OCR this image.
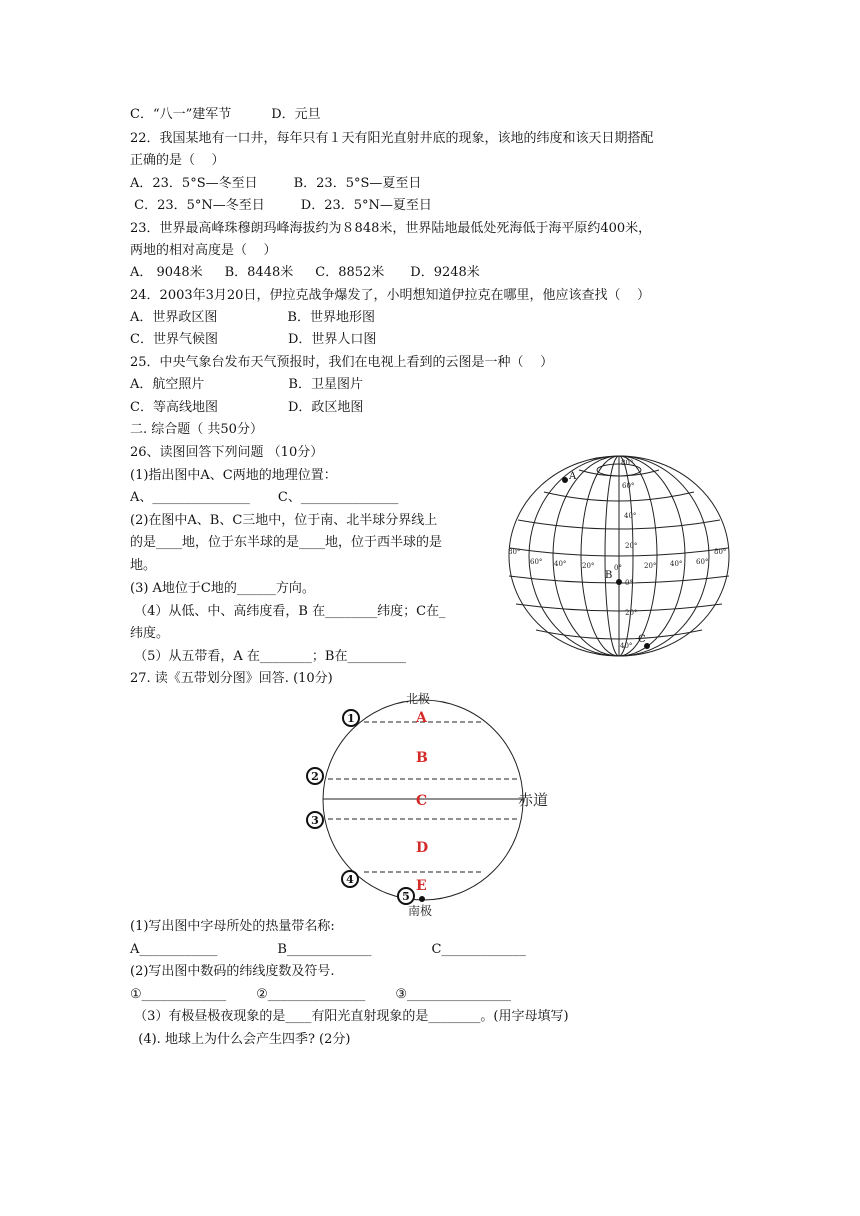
C．“八一”建军节	D．元旦
22．我国某地有一口井，每年只有１天有阳光直射井底的现象，该地的纬度和该天日期搭配
正确的是（    ）
A．23．5°S—冬至日	B．23．5°S—夏至日
C．23．5°N—冬至日	D．23．5°N—夏至日
23．世界最高峰珠穆朗玛峰海拔约为８848米，世界陆地最低处死海低于海平原约400米，
两地的相对高度是（    ）
A． 9048米 B．8448米 C．8852米 D．9248米
24．2003年3月20日，伊拉克战争爆发了，小明想知道伊拉克在哪里，他应该查找（    ）
A．世界政区图	B．世界地形图
C．世界气候图	D．世界人口图
25．中央气象台发布天气预报时，我们在电视上看到的云图是一种（    ）
A．航空照片	B．卫星图片
C．等高线地图	D．政区地图
二. 综合题（ 共50分）
26、读图回答下列问题 （10分）
(1)指出图中A、C两地的地理位置：
A、_______________ C、_______________
(2)在图中A、B、C三地中，位于南、北半球分界线上
的是____地，位于东半球的是____地，位于西半球的是
地。
(3) A地位于C地的______方向。
（4）从低、中、高纬度看，B 在________纬度；C在_
纬度。
（5）从五带看，A 在________；B在_________
27. 读《五带划分图》回答. (10分)
(1)写出图中字母所处的热量带名称:
A____________	B_____________	C_____________
(2)写出图中数码的纬线度数及符号.
①_____________ ②_______________ ③________________
（3）有极昼极夜现象的是____有阳光直射现象的是________。(用字母填写)
(4). 地球上为什么会产生四季? (2分)
80°
60°
40°
20°
0°
20°
40°
80°
60° 40° 20°	0°	20° 40° 60°
80°
A
B
C
北极
南极
赤道
A
B
C
D
E
1
2
3
4
5
